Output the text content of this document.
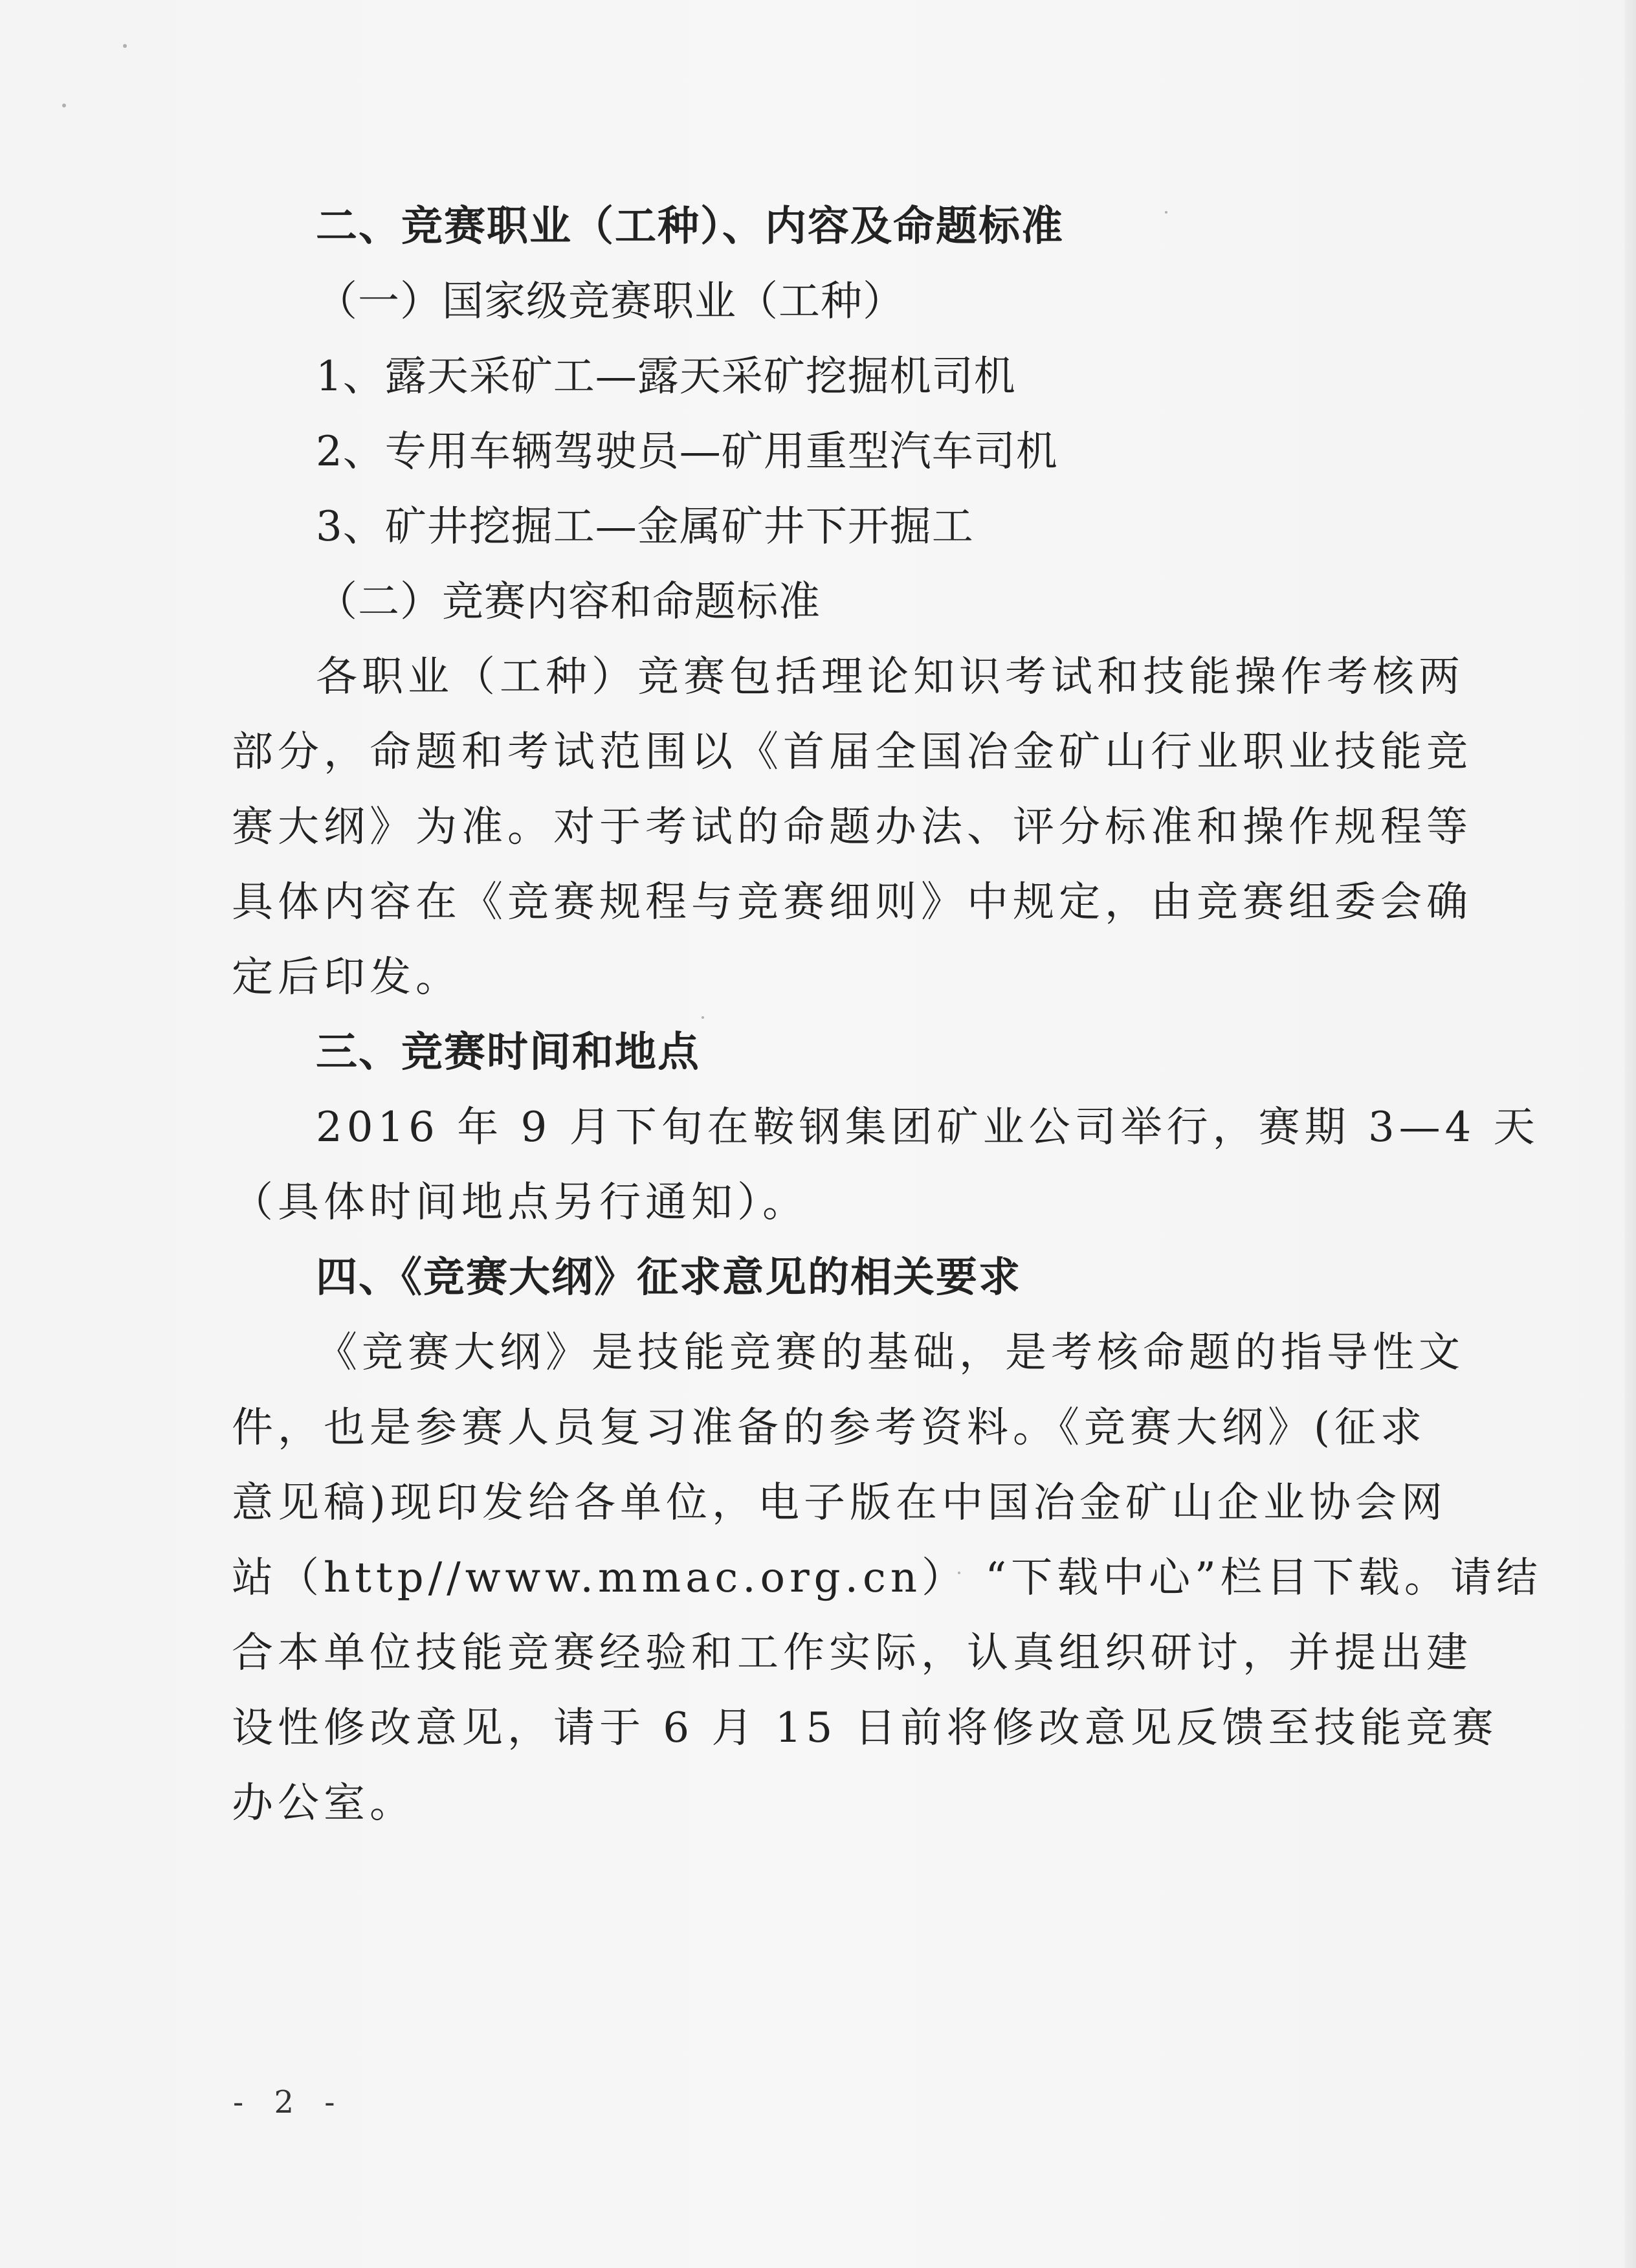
二、竞赛职业（工种）、内容及命题标准
（一）国家级竞赛职业（工种）
1、露天采矿工—露天采矿挖掘机司机
2、专用车辆驾驶员—矿用重型汽车司机
3、矿井挖掘工—金属矿井下开掘工
（二）竞赛内容和命题标准
各职业（工种）竞赛包括理论知识考试和技能操作考核两
部分，命题和考试范围以《首届全国冶金矿山行业职业技能竞
赛大纲》为准。对于考试的命题办法、评分标准和操作规程等
具体内容在《竞赛规程与竞赛细则》中规定，由竞赛组委会确
定后印发。
三、竞赛时间和地点
2016 年 9 月下旬在鞍钢集团矿业公司举行，赛期 3—4 天
（具体时间地点另行通知）。
四、《竞赛大纲》征求意见的相关要求
《竞赛大纲》是技能竞赛的基础，是考核命题的指导性文
件，也是参赛人员复习准备的参考资料。《竞赛大纲》(征求
意见稿)现印发给各单位，电子版在中国冶金矿山企业协会网
站（http//www.mmac.org.cn） “下载中心”栏目下载。请结
合本单位技能竞赛经验和工作实际，认真组织研讨，并提出建
设性修改意见，请于 6 月 15 日前将修改意见反馈至技能竞赛
办公室。
- 2 -
